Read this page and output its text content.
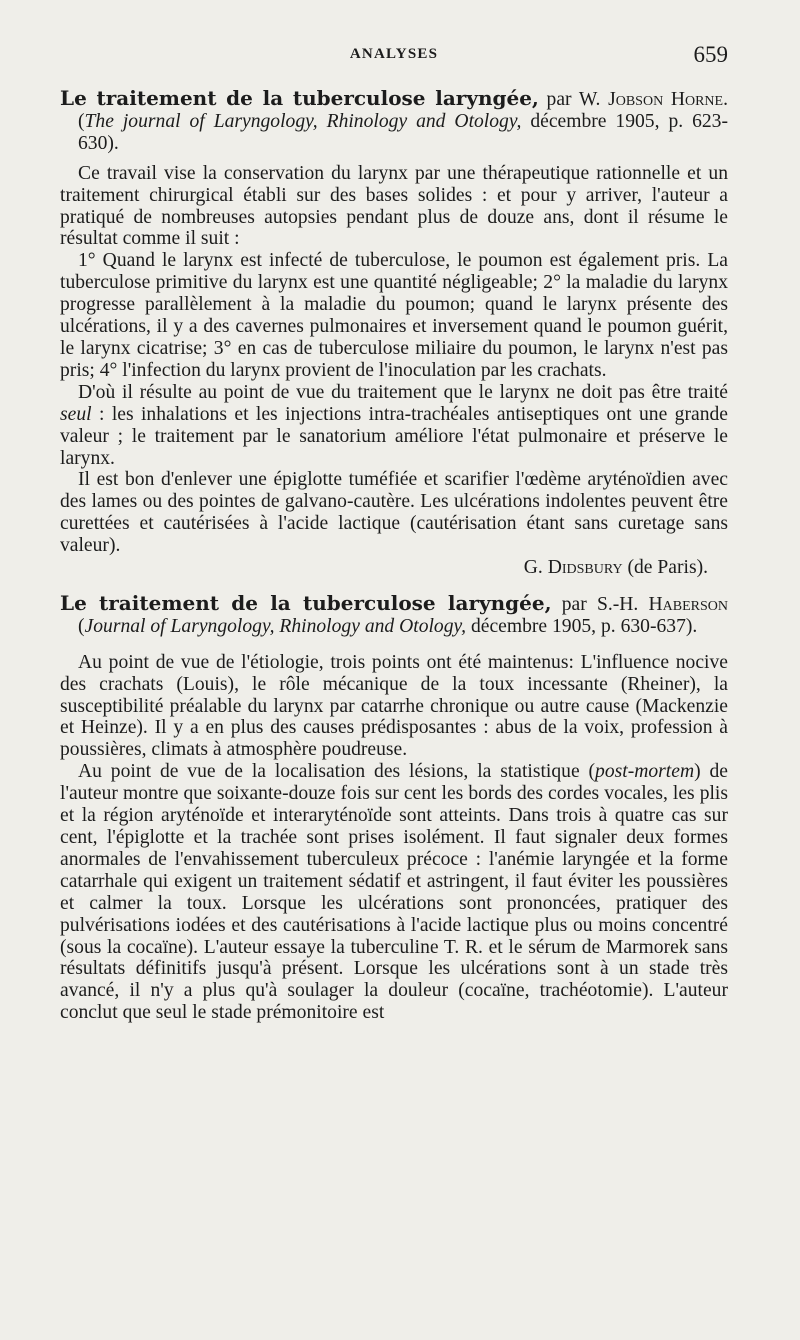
ANALYSES	659

Le traitement de la tuberculose laryngée, par W. Jobson Horne. (The journal of Laryngology, Rhinology and Otology, décembre 1905, p. 623-630).

Ce travail vise la conservation du larynx par une thérapeutique rationnelle et un traitement chirurgical établi sur des bases solides : et pour y arriver, l'auteur a pratiqué de nombreuses autopsies pendant plus de douze ans, dont il résume le résultat comme il suit :

1° Quand le larynx est infecté de tuberculose, le poumon est également pris. La tuberculose primitive du larynx est une quantité négligeable; 2° la maladie du larynx progresse parallèlement à la maladie du poumon; quand le larynx présente des ulcérations, il y a des cavernes pulmonaires et inversement quand le poumon guérit, le larynx cicatrise; 3° en cas de tuberculose miliaire du poumon, le larynx n'est pas pris; 4° l'infection du larynx provient de l'inoculation par les crachats.

D'où il résulte au point de vue du traitement que le larynx ne doit pas être traité seul : les inhalations et les injections intra-trachéales antiseptiques ont une grande valeur ; le traitement par le sanatorium améliore l'état pulmonaire et préserve le larynx.

Il est bon d'enlever une épiglotte tuméfiée et scarifier l'œdème aryténoïdien avec des lames ou des pointes de galvano-cautère. Les ulcérations indolentes peuvent être curettées et cautérisées à l'acide lactique (cautérisation étant sans curetage sans valeur).

G. Didsbury (de Paris).

Le traitement de la tuberculose laryngée, par S.-H. Haberson (Journal of Laryngology, Rhinology and Otology, décembre 1905, p. 630-637).

Au point de vue de l'étiologie, trois points ont été maintenus: L'influence nocive des crachats (Louis), le rôle mécanique de la toux incessante (Rheiner), la susceptibilité préalable du larynx par catarrhe chronique ou autre cause (Mackenzie et Heinze). Il y a en plus des causes prédisposantes : abus de la voix, profession à poussières, climats à atmosphère poudreuse.

Au point de vue de la localisation des lésions, la statistique (post-mortem) de l'auteur montre que soixante-douze fois sur cent les bords des cordes vocales, les plis et la région aryténoïde et interaryténoïde sont atteints. Dans trois à quatre cas sur cent, l'épiglotte et la trachée sont prises isolément. Il faut signaler deux formes anormales de l'envahissement tuberculeux précoce : l'anémie laryngée et la forme catarrhale qui exigent un traitement sédatif et astringent, il faut éviter les poussières et calmer la toux. Lorsque les ulcérations sont prononcées, pratiquer des pulvérisations iodées et des cautérisations à l'acide lactique plus ou moins concentré (sous la cocaïne). L'auteur essaye la tuberculine T. R. et le sérum de Marmorek sans résultats définitifs jusqu'à présent. Lorsque les ulcérations sont à un stade très avancé, il n'y a plus qu'à soulager la douleur (cocaïne, trachéotomie). L'auteur conclut que seul le stade prémonitoire est
